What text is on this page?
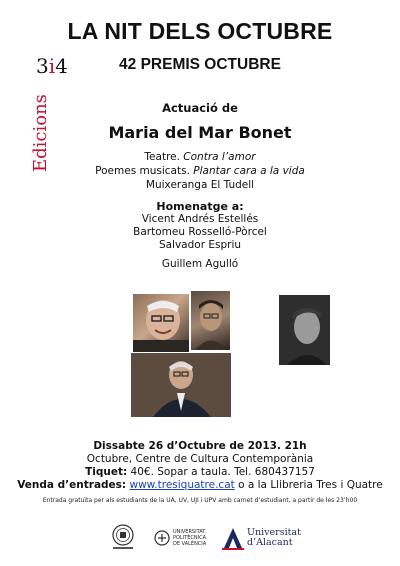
LA NIT DELS OCTUBRE
42 PREMIS OCTUBRE
3i4
Edicions	Actuació de
Maria del Mar Bonet
Teatre. Contra l’amor
Poemes musicats. Plantar cara a la vida
Muixeranga El Tudell
Homenatge a:
Vicent Andrés Estellés
Bartomeu Rosselló-Pòrcel
Salvador Espriu
Guillem Agulló
Dissabte 26 d’Octubre de 2013. 21h
Octubre, Centre de Cultura Contemporània
Tiquet: 40€. Sopar a taula. Tel. 680437157
Venda d’entrades: www.tresiquatre.cat o a la Llibreria Tres i Quatre
Entrada gratuïta per als estudiants de la UA, UV, UJI i UPV amb carnet d’estudiant, a partir de les 23’h00
UNIVERSITAT
POLITÈCNICA
DE VALÈNCIA
Universitat
d’Alacant
